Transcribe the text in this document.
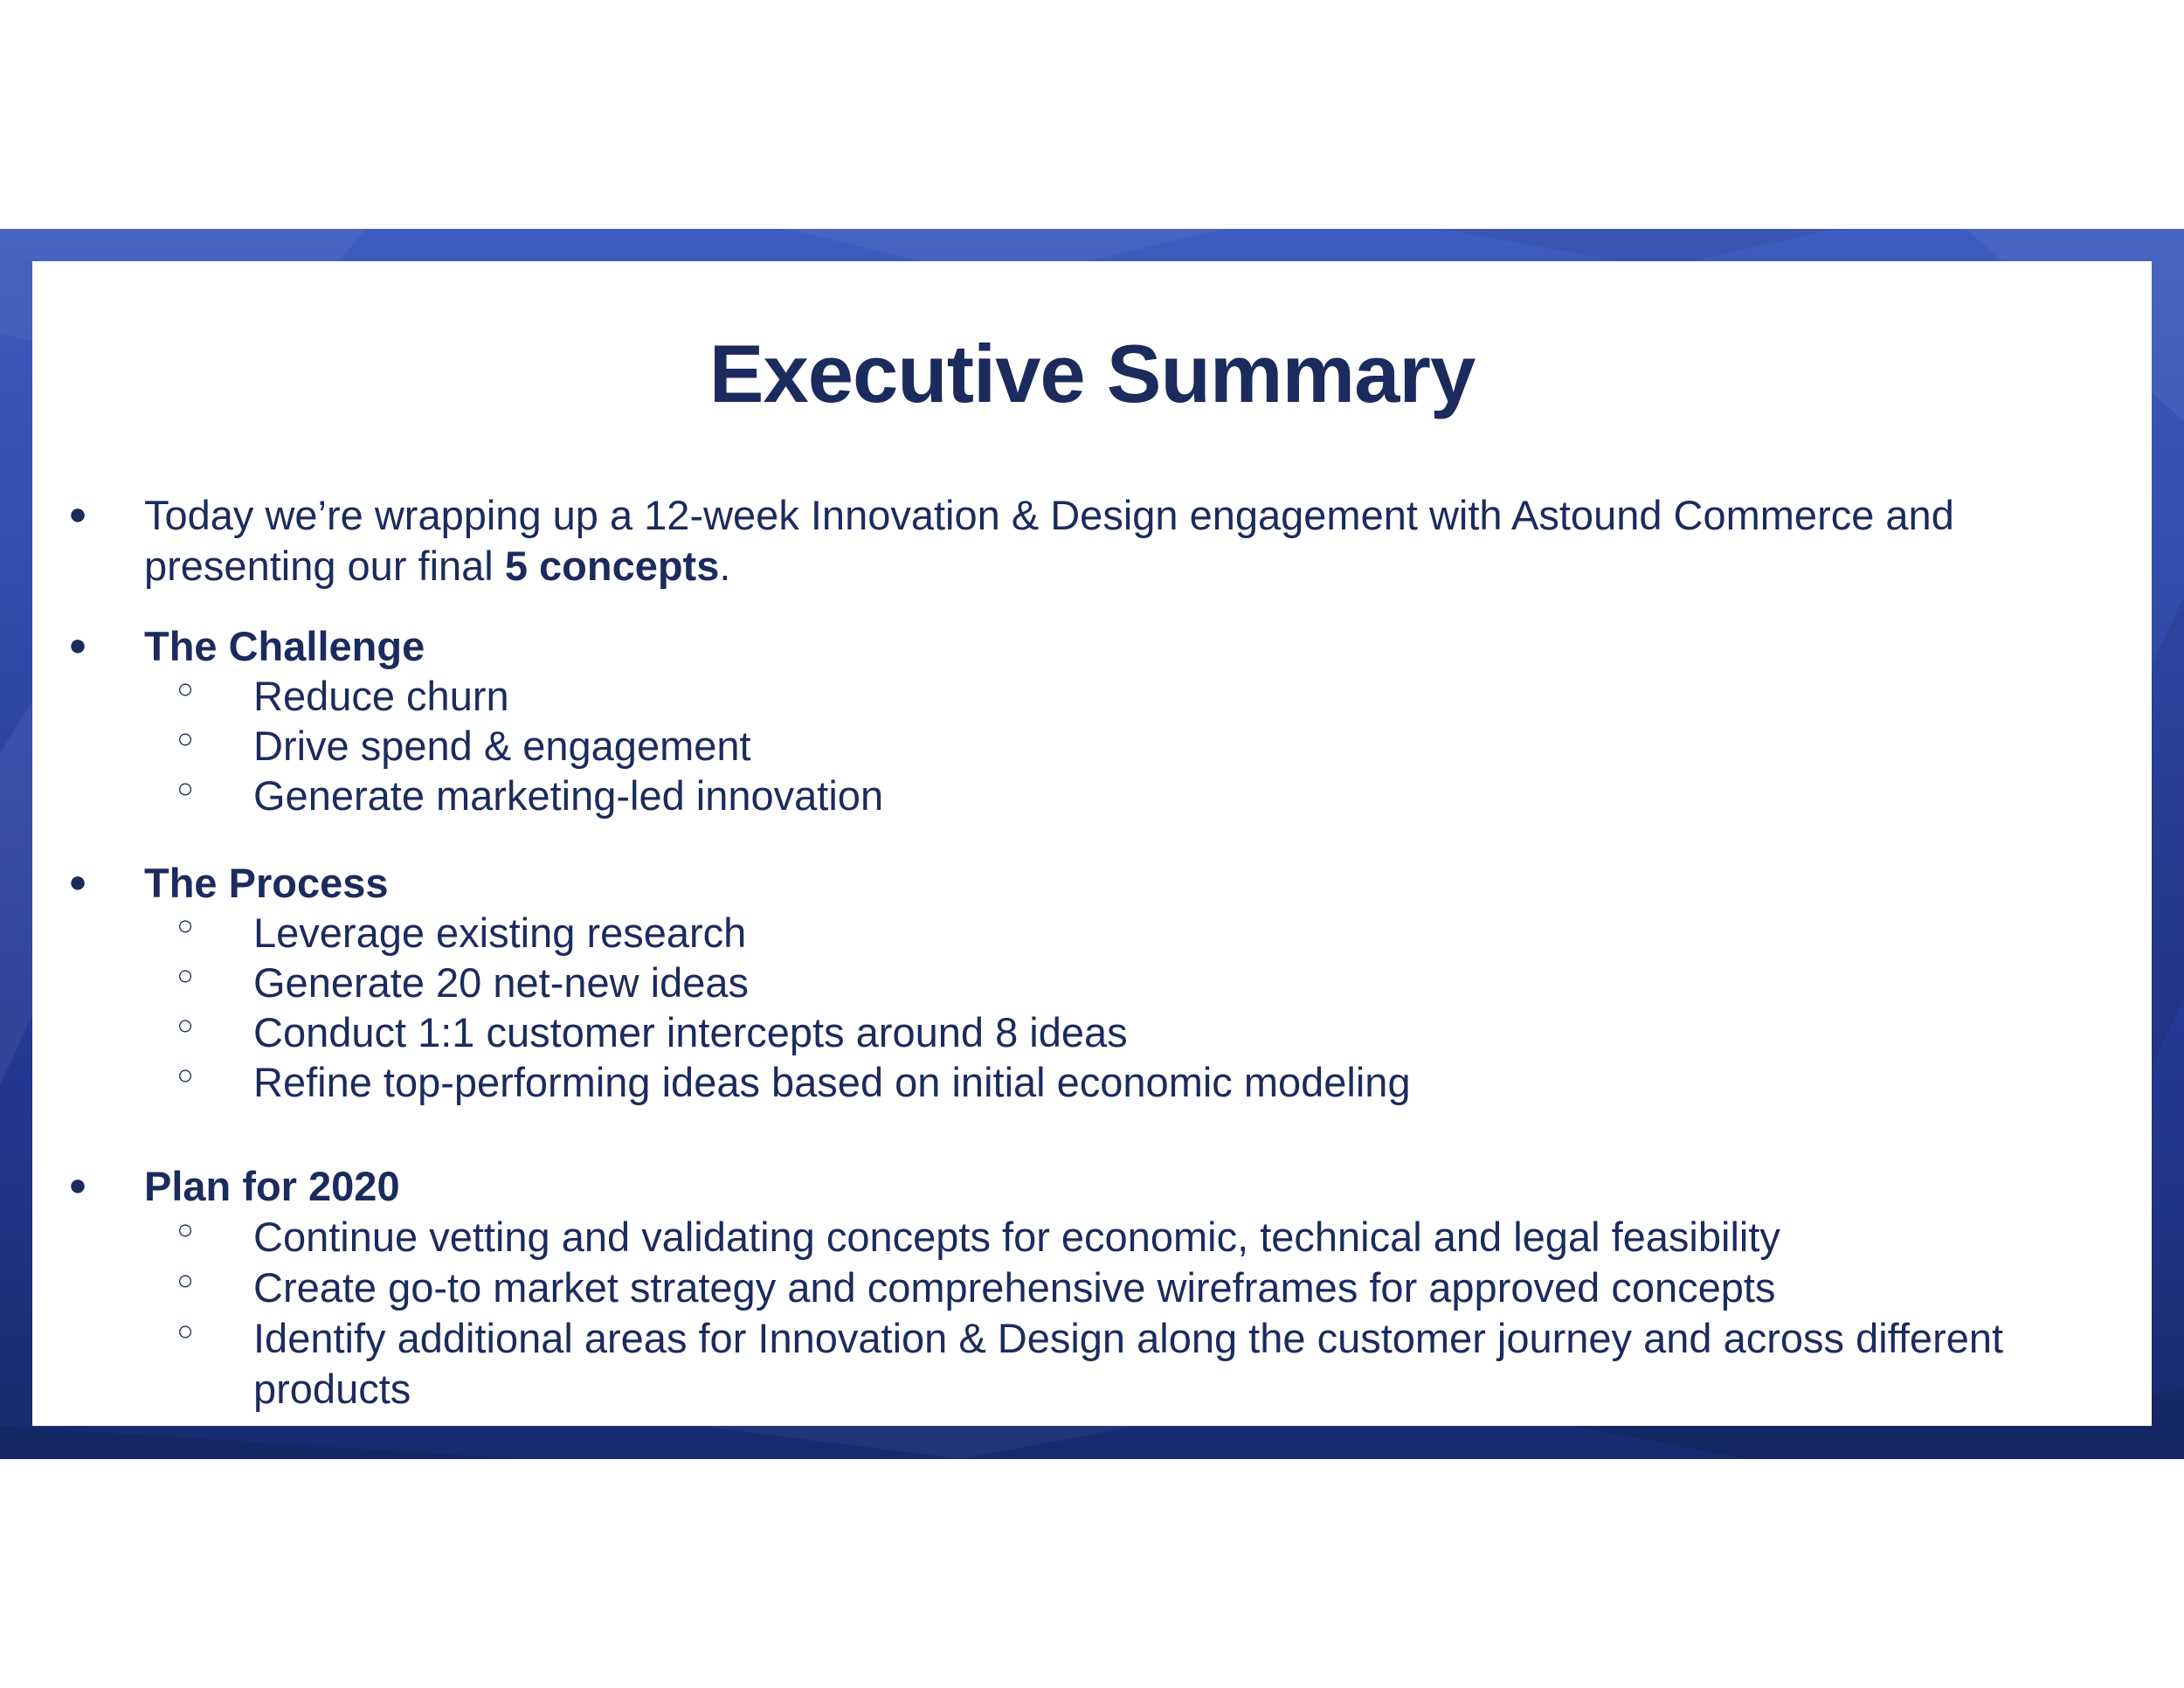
Executive Summary
● Today we’re wrapping up a 12-week Innovation & Design engagement with Astound Commerce and presenting our final 5 concepts.
● The Challenge
○ Reduce churn
○ Drive spend & engagement
○ Generate marketing-led innovation
● The Process
○ Leverage existing research
○ Generate 20 net-new ideas
○ Conduct 1:1 customer intercepts around 8 ideas
○ Refine top-performing ideas based on initial economic modeling
● Plan for 2020
○ Continue vetting and validating concepts for economic, technical and legal feasibility
○ Create go-to market strategy and comprehensive wireframes for approved concepts
○ Identify additional areas for Innovation & Design along the customer journey and across different products
